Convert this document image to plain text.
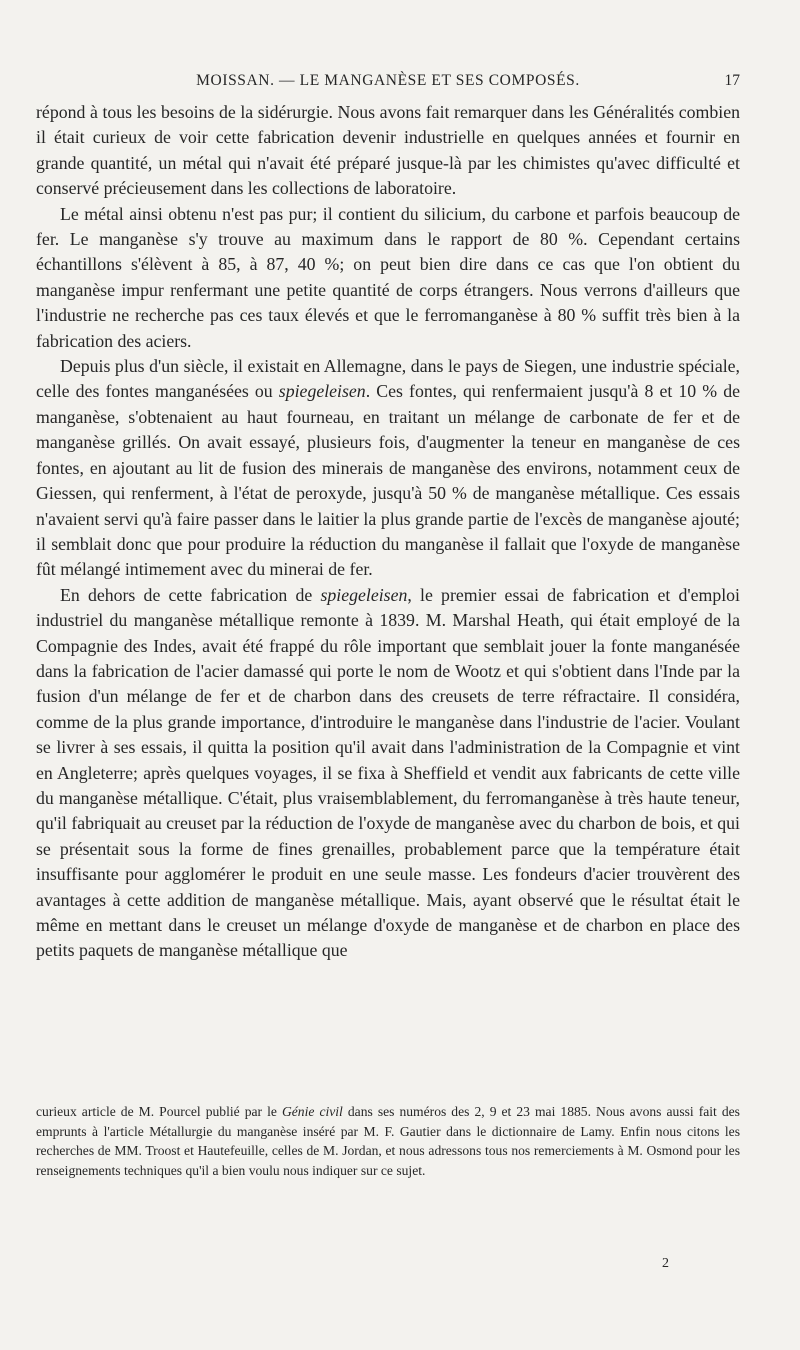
MOISSAN. — LE MANGANÈSE ET SES COMPOSÉS.	17

répond à tous les besoins de la sidérurgie. Nous avons fait remarquer dans les Généralités combien il était curieux de voir cette fabrication devenir industrielle en quelques années et fournir en grande quantité, un métal qui n'avait été préparé jusque-là par les chimistes qu'avec difficulté et conservé précieusement dans les collections de laboratoire.

Le métal ainsi obtenu n'est pas pur; il contient du silicium, du carbone et parfois beaucoup de fer. Le manganèse s'y trouve au maximum dans le rapport de 80 %. Cependant certains échantillons s'élèvent à 85, à 87, 40 %; on peut bien dire dans ce cas que l'on obtient du manganèse impur renfermant une petite quantité de corps étrangers. Nous verrons d'ailleurs que l'industrie ne recherche pas ces taux élevés et que le ferromanganèse à 80 % suffit très bien à la fabrication des aciers.

Depuis plus d'un siècle, il existait en Allemagne, dans le pays de Siegen, une industrie spéciale, celle des fontes manganésées ou spiegeleisen. Ces fontes, qui renfermaient jusqu'à 8 et 10 % de manganèse, s'obtenaient au haut fourneau, en traitant un mélange de carbonate de fer et de manganèse grillés. On avait essayé, plusieurs fois, d'augmenter la teneur en manganèse de ces fontes, en ajoutant au lit de fusion des minerais de manganèse des environs, notamment ceux de Giessen, qui renferment, à l'état de peroxyde, jusqu'à 50 % de manganèse métallique. Ces essais n'avaient servi qu'à faire passer dans le laitier la plus grande partie de l'excès de manganèse ajouté; il semblait donc que pour produire la réduction du manganèse il fallait que l'oxyde de manganèse fût mélangé intimement avec du minerai de fer.

En dehors de cette fabrication de spiegeleisen, le premier essai de fabrication et d'emploi industriel du manganèse métallique remonte à 1839. M. Marshal Heath, qui était employé de la Compagnie des Indes, avait été frappé du rôle important que semblait jouer la fonte manganésée dans la fabrication de l'acier damassé qui porte le nom de Wootz et qui s'obtient dans l'Inde par la fusion d'un mélange de fer et de charbon dans des creusets de terre réfractaire. Il considéra, comme de la plus grande importance, d'introduire le manganèse dans l'industrie de l'acier. Voulant se livrer à ses essais, il quitta la position qu'il avait dans l'administration de la Compagnie et vint en Angleterre; après quelques voyages, il se fixa à Sheffield et vendit aux fabricants de cette ville du manganèse métallique. C'était, plus vraisemblablement, du ferromanganèse à très haute teneur, qu'il fabriquait au creuset par la réduction de l'oxyde de manganèse avec du charbon de bois, et qui se présentait sous la forme de fines grenailles, probablement parce que la température était insuffisante pour agglomérer le produit en une seule masse. Les fondeurs d'acier trouvèrent des avantages à cette addition de manganèse métallique. Mais, ayant observé que le résultat était le même en mettant dans le creuset un mélange d'oxyde de manganèse et de charbon en place des petits paquets de manganèse métallique que

curieux article de M. Pourcel publié par le Génie civil dans ses numéros des 2, 9 et 23 mai 1885. Nous avons aussi fait des emprunts à l'article Métallurgie du manganèse inséré par M. F. Gautier dans le dictionnaire de Lamy. Enfin nous citons les recherches de MM. Troost et Hautefeuille, celles de M. Jordan, et nous adressons tous nos remerciements à M. Osmond pour les renseignements techniques qu'il a bien voulu nous indiquer sur ce sujet.

2
